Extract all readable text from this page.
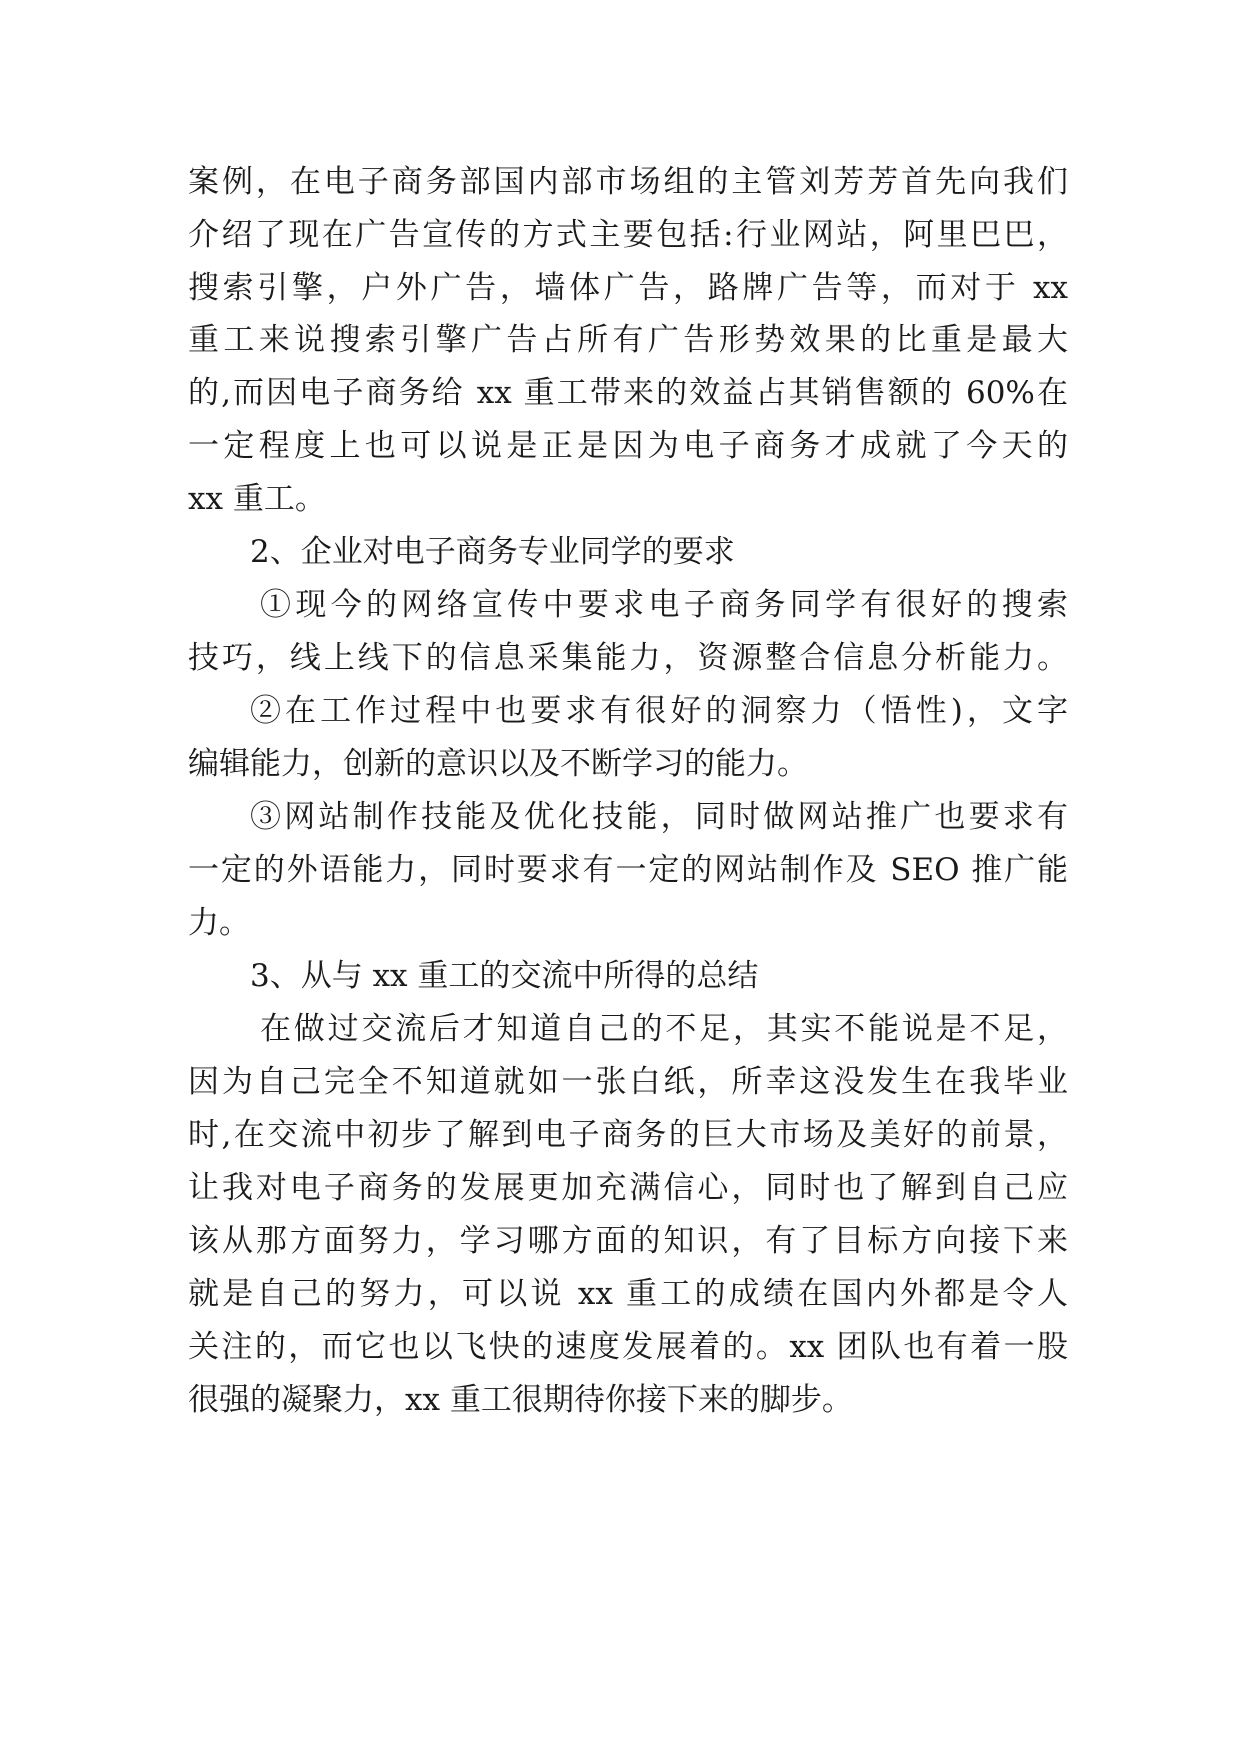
案例，在电子商务部国内部市场组的主管刘芳芳首先向我们
介绍了现在广告宣传的方式主要包括:行业网站，阿里巴巴，
搜索引擎，户外广告，墙体广告，路牌广告等，而对于 xx
重工来说搜索引擎广告占所有广告形势效果的比重是最大
的,而因电子商务给 xx 重工带来的效益占其销售额的 60%在
一定程度上也可以说是正是因为电子商务才成就了今天的
xx 重工。
2、企业对电子商务专业同学的要求
①现今的网络宣传中要求电子商务同学有很好的搜索
技巧，线上线下的信息采集能力，资源整合信息分析能力。
②在工作过程中也要求有很好的洞察力（悟性)，文字
编辑能力，创新的意识以及不断学习的能力。
③网站制作技能及优化技能，同时做网站推广也要求有
一定的外语能力，同时要求有一定的网站制作及 SEO 推广能
力。
3、从与 xx 重工的交流中所得的总结
在做过交流后才知道自己的不足，其实不能说是不足，
因为自己完全不知道就如一张白纸，所幸这没发生在我毕业
时,在交流中初步了解到电子商务的巨大市场及美好的前景，
让我对电子商务的发展更加充满信心，同时也了解到自己应
该从那方面努力，学习哪方面的知识，有了目标方向接下来
就是自己的努力，可以说 xx 重工的成绩在国内外都是令人
关注的，而它也以飞快的速度发展着的。xx 团队也有着一股
很强的凝聚力，xx 重工很期待你接下来的脚步。
